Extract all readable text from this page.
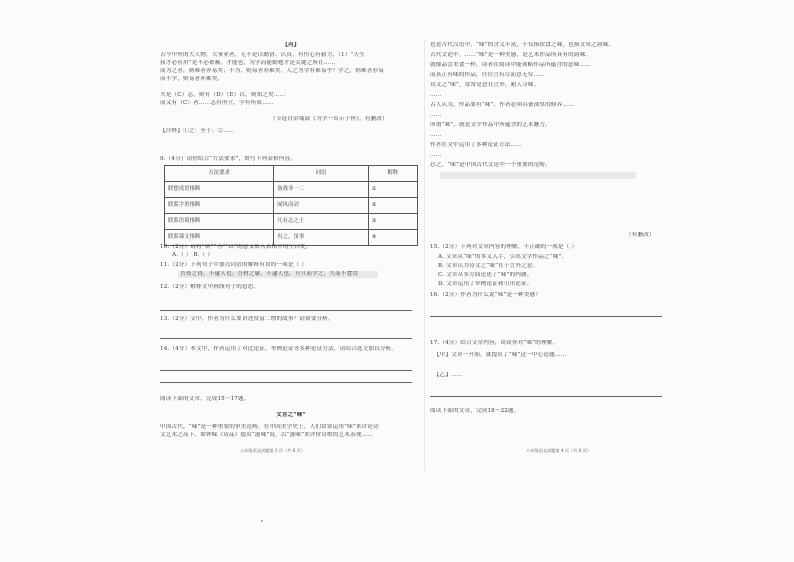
【丙】
古今中外的大人物，大事业者，无不是以勤奋、认真，有恒心有毅力，（1）“天生
我才必有用”是不必依赖，才能也，为学而能勤勉才是关键之所在……
而为之者，则难者亦易矣；不为，则易者亦难矣。人之为学有难易乎？学之，则难者亦易
而不学，则易者亦难矣。
夫是（C）志，则有（D）（E）以，则知之矣……
而又有（C）者……志有所立，学有所成……
（节选自彭端淑《为学一首示子侄》，有删改）
【注释】①之：至于。②……
9.（4分）请你结合“方法要求”，填写下列表格内容。
方法要求	词语	解释
联想成语推断	备战非一二	①
联系字形推断	闻风而动	②
联系语境推断	凡有志之士	③
联系课文推断	有之，虽事	④
10.（2分）请将“则”“为”“以”的意义填入表格中的空白处。
A.（ ） B.（ ）
11.（2分）下列句子中加点词语的解释有误的一项是（ ）
吾资之昏，不逮人也；吾材之庸，不逮人也。旦旦而学之，久而不怠焉
12.（2分）解释文中画线句子的意思。
13.（2分）文中，作者为什么要讲述贫富二僧的故事？请简要分析。
14.（4分）本文中，作者运用了对比论证，举例论证等多种论证方法，请结合选文加以分析。
阅读下面的文章，完成15～17题。
文言之“味”
中国古代，“味”是一种重要的审美范畴，在中国美学史上，人们常常运用“味”来评论诗
文艺术之高下，如钟嵘《诗品》提出“滋味”说，以“滋味”来评价诗歌的艺术表现……
八年级语文试题第 3 页（共 6 页）
也是古代汉语中，“味”的含义丰富，不仅指饮食之味，也指文章之韵味。
古代文论中，……“味”是一种美感，是艺术作品所具有的韵味。
就像品尝美食一样，读者在阅读中能领略作品所蕴含的意味……
而真正有味的作品，往往言有尽而意无穷……
诗文之“味”，常常是意在言外，耐人寻味。
……
古人认为，作品要有“味”，作者必须具备深厚的修养……
……
所谓“味”，就是文学作品中所蕴含的艺术魅力。
……
作者在文中运用了多种论证方法……
……
总之，“味”是中国古代文论中一个重要的范畴。
（有删改）
15.（2分）下列对文章内容的理解，不正确的一项是（ ）
A. 文章从“味”的本义入手，引出文学作品之“味”。
B. 文章认为诗文之“味”在于言外之意。
C. 文章从多方面论述了“味”的内涵。
D. 文章运用了举例论证和引用论证。
16.（2分）作者为什么说“味”是一种美感？
17.（4分）结合文章内容，谈谈你对“味”的理解。
【甲】文章一开始，就提出了“味”这一中心论题……
【乙】……
阅读下面的文章，完成18～22题。
八年级语文试题第 4 页（共 6 页）
